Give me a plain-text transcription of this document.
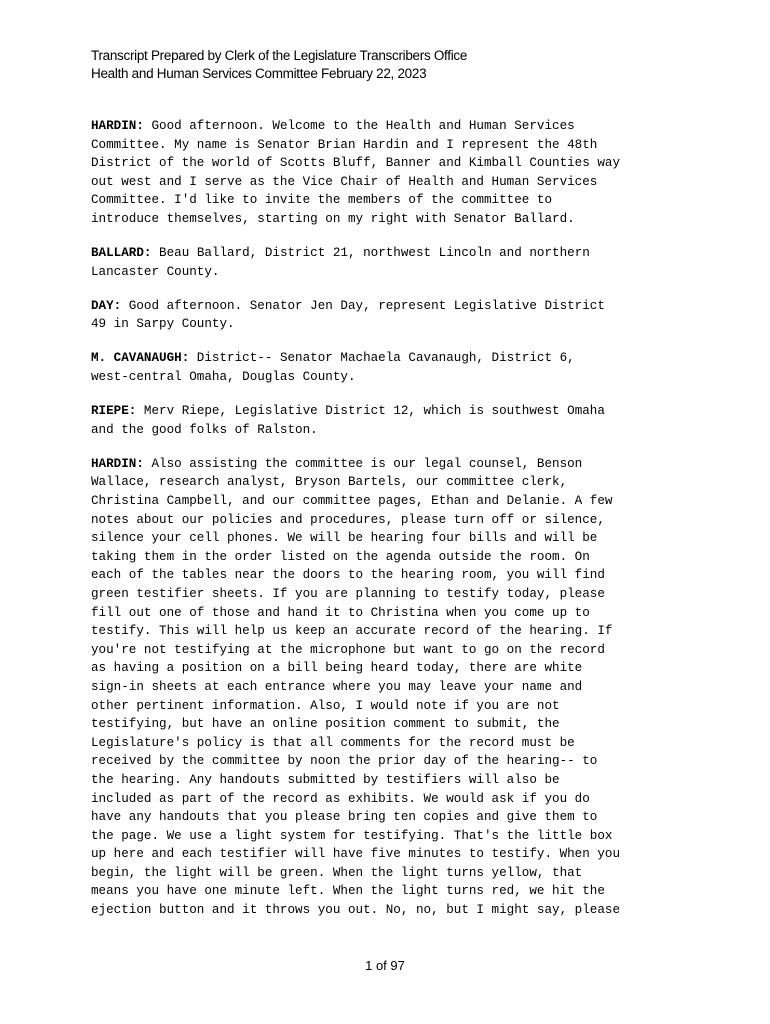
Transcript Prepared by Clerk of the Legislature Transcribers Office
Health and Human Services Committee February 22, 2023
HARDIN: Good afternoon. Welcome to the Health and Human Services
Committee. My name is Senator Brian Hardin and I represent the 48th
District of the world of Scotts Bluff, Banner and Kimball Counties way
out west and I serve as the Vice Chair of Health and Human Services
Committee. I'd like to invite the members of the committee to
introduce themselves, starting on my right with Senator Ballard.
BALLARD: Beau Ballard, District 21, northwest Lincoln and northern
Lancaster County.
DAY: Good afternoon. Senator Jen Day, represent Legislative District
49 in Sarpy County.
M. CAVANAUGH: District-- Senator Machaela Cavanaugh, District 6,
west-central Omaha, Douglas County.
RIEPE: Merv Riepe, Legislative District 12, which is southwest Omaha
and the good folks of Ralston.
HARDIN: Also assisting the committee is our legal counsel, Benson
Wallace, research analyst, Bryson Bartels, our committee clerk,
Christina Campbell, and our committee pages, Ethan and Delanie. A few
notes about our policies and procedures, please turn off or silence,
silence your cell phones. We will be hearing four bills and will be
taking them in the order listed on the agenda outside the room. On
each of the tables near the doors to the hearing room, you will find
green testifier sheets. If you are planning to testify today, please
fill out one of those and hand it to Christina when you come up to
testify. This will help us keep an accurate record of the hearing. If
you're not testifying at the microphone but want to go on the record
as having a position on a bill being heard today, there are white
sign-in sheets at each entrance where you may leave your name and
other pertinent information. Also, I would note if you are not
testifying, but have an online position comment to submit, the
Legislature's policy is that all comments for the record must be
received by the committee by noon the prior day of the hearing-- to
the hearing. Any handouts submitted by testifiers will also be
included as part of the record as exhibits. We would ask if you do
have any handouts that you please bring ten copies and give them to
the page. We use a light system for testifying. That's the little box
up here and each testifier will have five minutes to testify. When you
begin, the light will be green. When the light turns yellow, that
means you have one minute left. When the light turns red, we hit the
ejection button and it throws you out. No, no, but I might say, please
1 of 97
